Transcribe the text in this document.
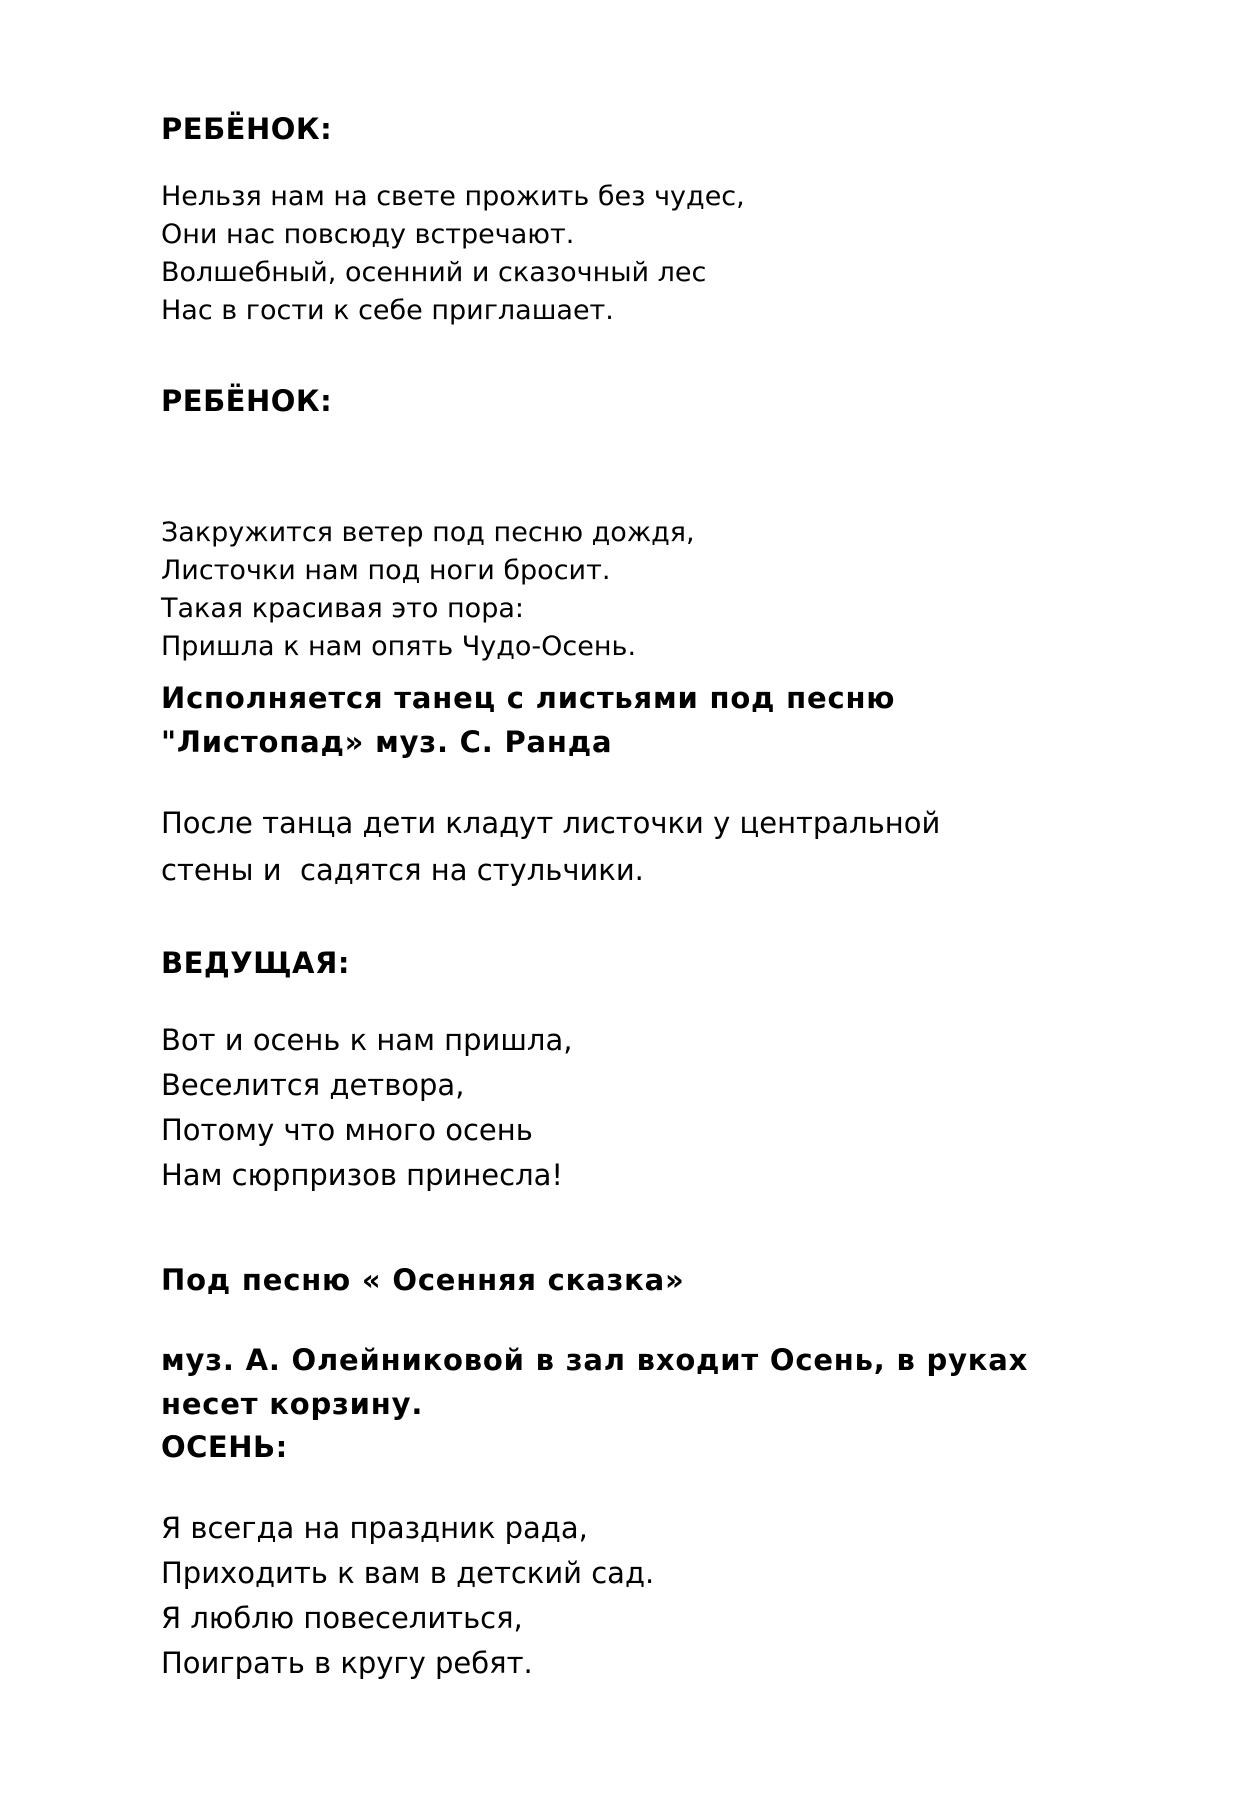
РЕБЁНОК:
Нельзя нам на свете прожить без чудес,
Они нас повсюду встречают.
Волшебный, осенний и сказочный лес
Нас в гости к себе приглашает.
РЕБЁНОК:
Закружится ветер под песню дождя,
Листочки нам под ноги бросит.
Такая красивая это пора:
Пришла к нам опять Чудо-Осень.
Исполняется танец с листьями под песню "Листопад» муз. С. Ранда
После танца дети кладут листочки у центральной стены и  садятся на стульчики.
ВЕДУЩАЯ:
Вот и осень к нам пришла,
Веселится детвора,
Потому что много осень
Нам сюрпризов принесла!
Под песню « Осенняя сказка»
муз. А. Олейниковой в зал входит Осень, в руках несет корзину.
ОСЕНЬ:
Я всегда на праздник рада,
Приходить к вам в детский сад.
Я люблю повеселиться,
Поиграть в кругу ребят.
